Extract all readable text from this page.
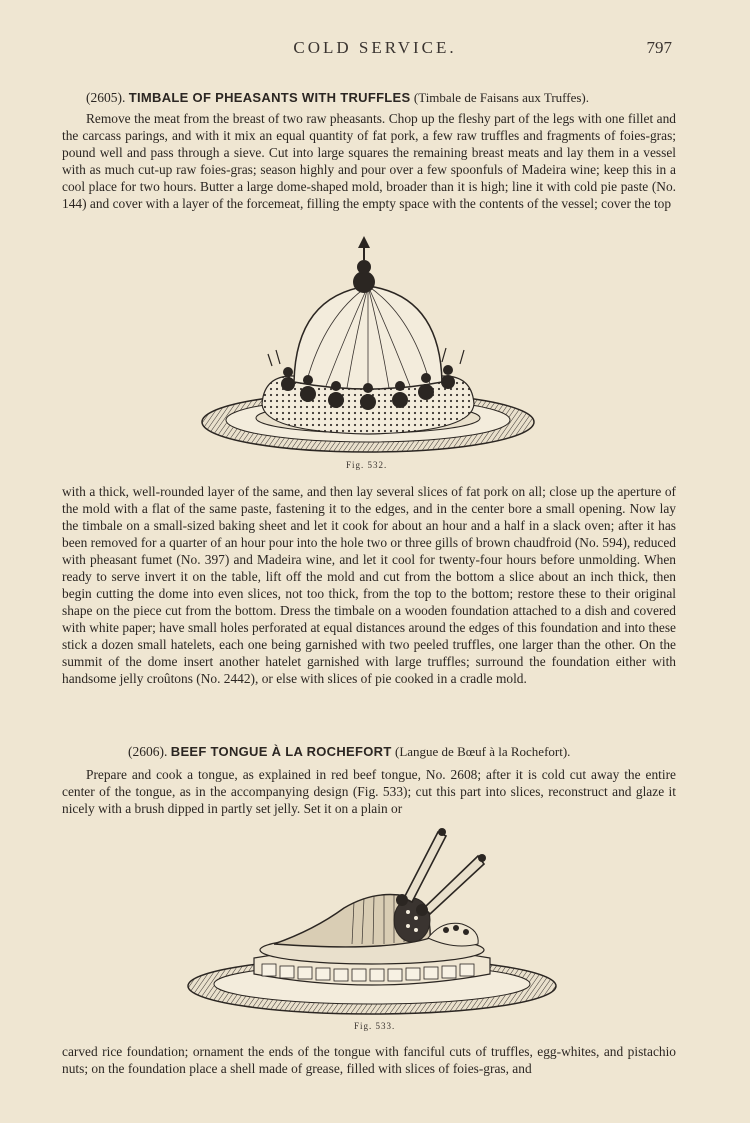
COLD SERVICE.	797
(2605). TIMBALE OF PHEASANTS WITH TRUFFLES (Timbale de Faisans aux Truffes).

Remove the meat from the breast of two raw pheasants. Chop up the fleshy part of the legs with one fillet and the carcass parings, and with it mix an equal quantity of fat pork, a few raw truffles and fragments of foies-gras; pound well and pass through a sieve. Cut into large squares the remaining breast meats and lay them in a vessel with as much cut-up raw foies-gras; season highly and pour over a few spoonfuls of Madeira wine; keep this in a cool place for two hours. Butter a large dome-shaped mold, broader than it is high; line it with cold pie paste (No. 144) and cover with a layer of the forcemeat, filling the empty space with the contents of the vessel; cover the top

Fig. 532.

with a thick, well-rounded layer of the same, and then lay several slices of fat pork on all; close up the aperture of the mold with a flat of the same paste, fastening it to the edges, and in the center bore a small opening. Now lay the timbale on a small-sized baking sheet and let it cook for about an hour and a half in a slack oven; after it has been removed for a quarter of an hour pour into the hole two or three gills of brown chaudfroid (No. 594), reduced with pheasant fumet (No. 397) and Madeira wine, and let it cool for twenty-four hours before unmolding. When ready to serve invert it on the table, lift off the mold and cut from the bottom a slice about an inch thick, then begin cutting the dome into even slices, not too thick, from the top to the bottom; restore these to their original shape on the piece cut from the bottom. Dress the timbale on a wooden foundation attached to a dish and covered with white paper; have small holes perforated at equal distances around the edges of this foundation and into these stick a dozen small hatelets, each one being garnished with two peeled truffles, one larger than the other. On the summit of the dome insert another hatelet garnished with large truffles; surround the foundation either with handsome jelly croûtons (No. 2442), or else with slices of pie cooked in a cradle mold.

(2606). BEEF TONGUE À LA ROCHEFORT (Langue de Bœuf à la Rochefort).

Prepare and cook a tongue, as explained in red beef tongue, No. 2608; after it is cold cut away the entire center of the tongue, as in the accompanying design (Fig. 533); cut this part into slices, reconstruct and glaze it nicely with a brush dipped in partly set jelly. Set it on a plain or

Fig. 533.

carved rice foundation; ornament the ends of the tongue with fanciful cuts of truffles, egg-whites, and pistachio nuts; on the foundation place a shell made of grease, filled with slices of foies-gras, and
